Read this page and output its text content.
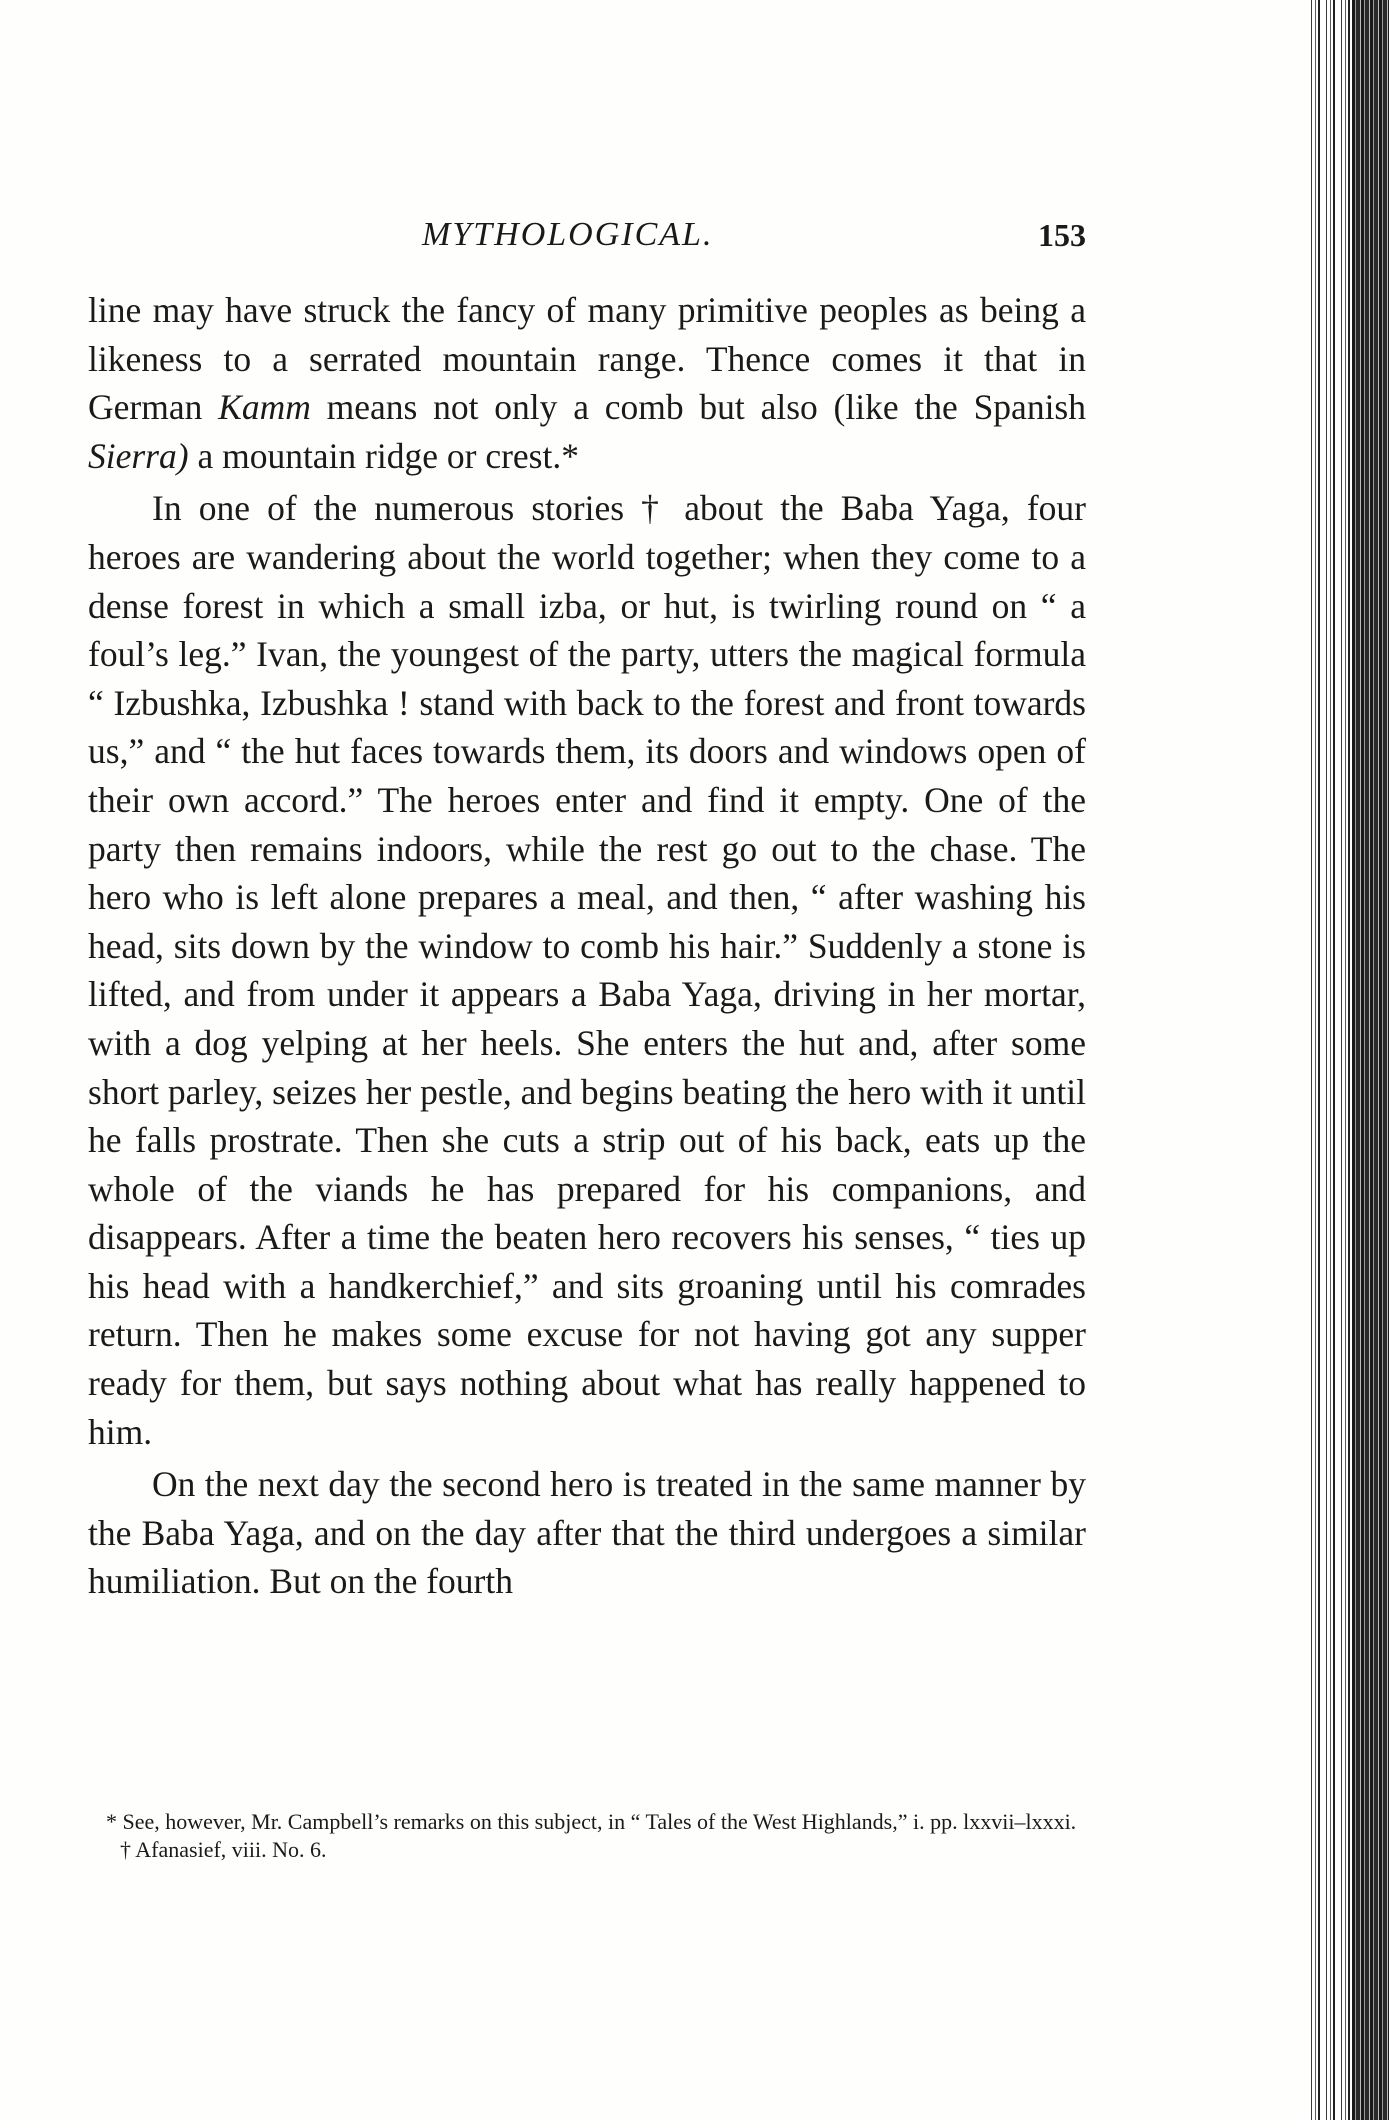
MYTHOLOGICAL.	153

line may have struck the fancy of many primitive peoples as being a likeness to a serrated mountain range. Thence comes it that in German Kamm means not only a comb but also (like the Spanish Sierra) a mountain ridge or crest.*

In one of the numerous stories † about the Baba Yaga, four heroes are wandering about the world together; when they come to a dense forest in which a small izba, or hut, is twirling round on “ a foul’s leg.” Ivan, the youngest of the party, utters the magical formula “ Izbushka, Izbushka ! stand with back to the forest and front towards us,” and “ the hut faces towards them, its doors and windows open of their own accord.” The heroes enter and find it empty. One of the party then remains indoors, while the rest go out to the chase. The hero who is left alone prepares a meal, and then, “ after washing his head, sits down by the window to comb his hair.” Suddenly a stone is lifted, and from under it appears a Baba Yaga, driving in her mortar, with a dog yelping at her heels. She enters the hut and, after some short parley, seizes her pestle, and begins beating the hero with it until he falls prostrate. Then she cuts a strip out of his back, eats up the whole of the viands he has prepared for his companions, and disappears. After a time the beaten hero recovers his senses, “ ties up his head with a handkerchief,” and sits groaning until his comrades return. Then he makes some excuse for not having got any supper ready for them, but says nothing about what has really happened to him.

On the next day the second hero is treated in the same manner by the Baba Yaga, and on the day after that the third undergoes a similar humiliation. But on the fourth

* See, however, Mr. Campbell’s remarks on this subject, in “ Tales of the West Highlands,” i. pp. lxxvii–lxxxi.

† Afanasief, viii. No. 6.
